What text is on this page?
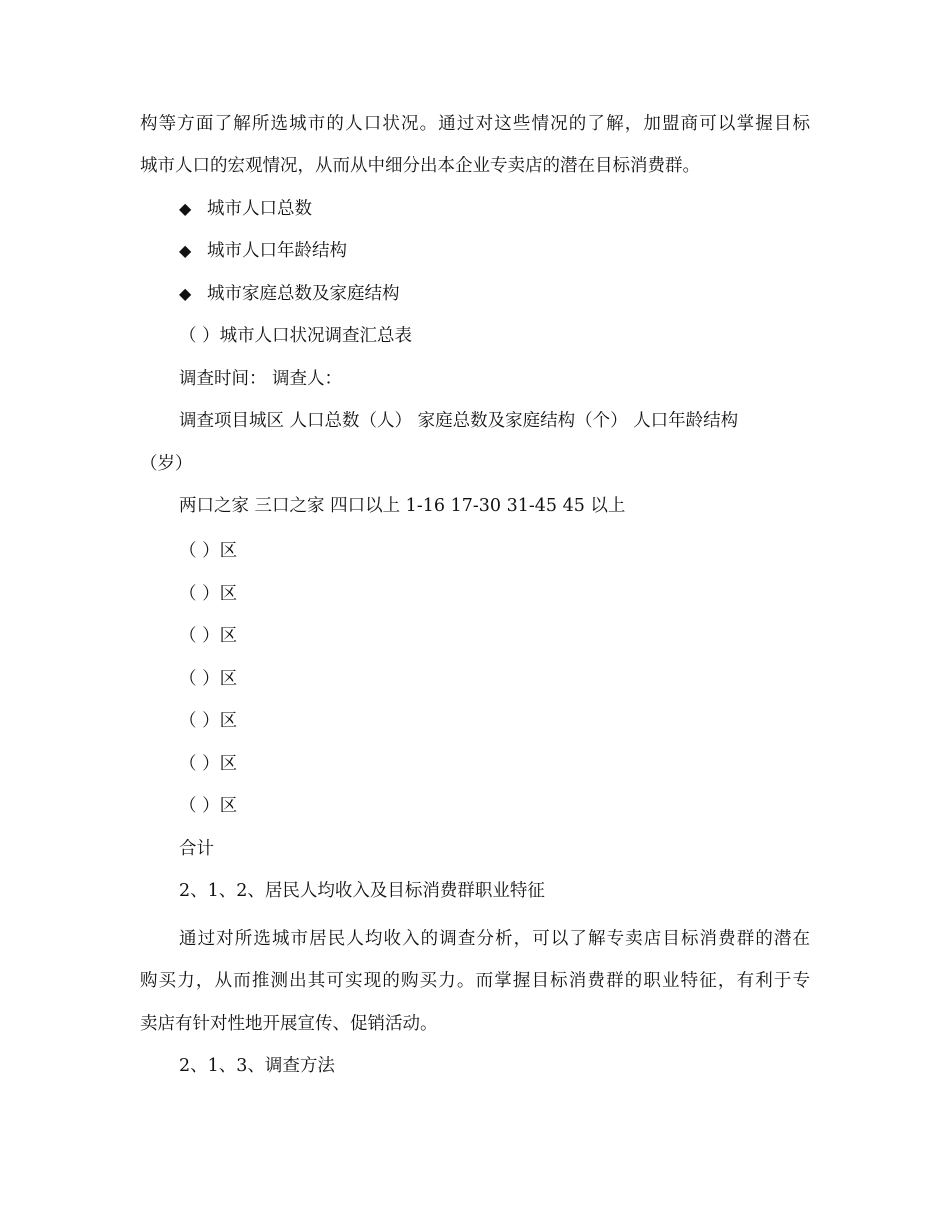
构等方面了解所选城市的人口状况。通过对这些情况的了解，加盟商可以掌握目标
城市人口的宏观情况，从而从中细分出本企业专卖店的潜在目标消费群。
◆ 城市人口总数
◆ 城市人口年龄结构
◆ 城市家庭总数及家庭结构
（ ）城市人口状况调查汇总表
调查时间： 调查人：
调查项目城区 人口总数（人） 家庭总数及家庭结构（个） 人口年龄结构
（岁）
两口之家 三口之家 四口以上 1-16 17-30 31-45 45 以上
（ ）区
（ ）区
（ ）区
（ ）区
（ ）区
（ ）区
（ ）区
合计
2、1、2、居民人均收入及目标消费群职业特征
通过对所选城市居民人均收入的调查分析，可以了解专卖店目标消费群的潜在
购买力，从而推测出其可实现的购买力。而掌握目标消费群的职业特征，有利于专
卖店有针对性地开展宣传、促销活动。
2、1、3、调查方法
